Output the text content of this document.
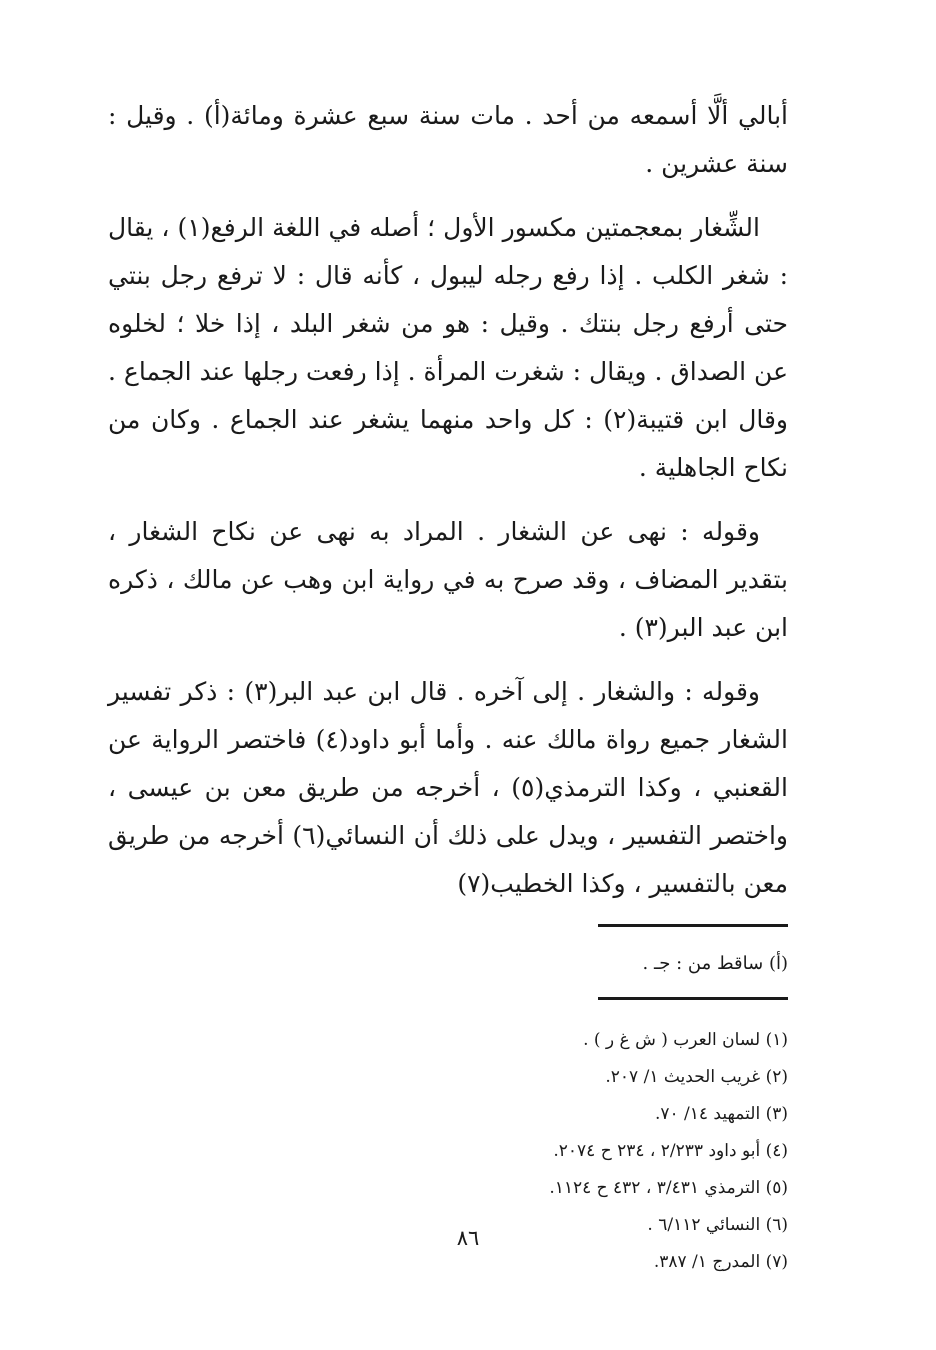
أبالي ألَّا أسمعه من أحد . مات سنة سبع عشرة ومائة(أ) . وقيل : سنة عشرين .

الشِّغار بمعجمتين مكسور الأول ؛ أصله في اللغة الرفع(١) ، يقال : شغر الكلب . إذا رفع رجله ليبول ، كأنه قال : لا ترفع رجل بنتي حتى أرفع رجل بنتك . وقيل : هو من شغر البلد ، إذا خلا ؛ لخلوه عن الصداق . ويقال : شغرت المرأة . إذا رفعت رجلها عند الجماع . وقال ابن قتيبة(٢) : كل واحد منهما يشغر عند الجماع . وكان من نكاح الجاهلية .

وقوله : نهى عن الشغار . المراد به نهى عن نكاح الشغار ، بتقدير المضاف ، وقد صرح به في رواية ابن وهب عن مالك ، ذكره ابن عبد البر(٣) .

وقوله : والشغار . إلى آخره . قال ابن عبد البر(٣) : ذكر تفسير الشغار جميع رواة مالك عنه . وأما أبو داود(٤) فاختصر الرواية عن القعنبي ، وكذا الترمذي(٥) ، أخرجه من طريق معن بن عيسى ، واختصر التفسير ، ويدل على ذلك أن النسائي(٦) أخرجه من طريق معن بالتفسير ، وكذا الخطيب(٧)

(أ) ساقط من : جـ .
(١) لسان العرب ( ش غ ر ) .
(٢) غريب الحديث ١/ ٢٠٧.
(٣) التمهيد ١٤/ ٧٠.
(٤) أبو داود ٢/٢٣٣ ، ٢٣٤ ح ٢٠٧٤.
(٥) الترمذي ٣/٤٣١ ، ٤٣٢ ح ١١٢٤.
(٦) النسائي ٦/١١٢ .
(٧) المدرج ١/ ٣٨٧.
٨٦
